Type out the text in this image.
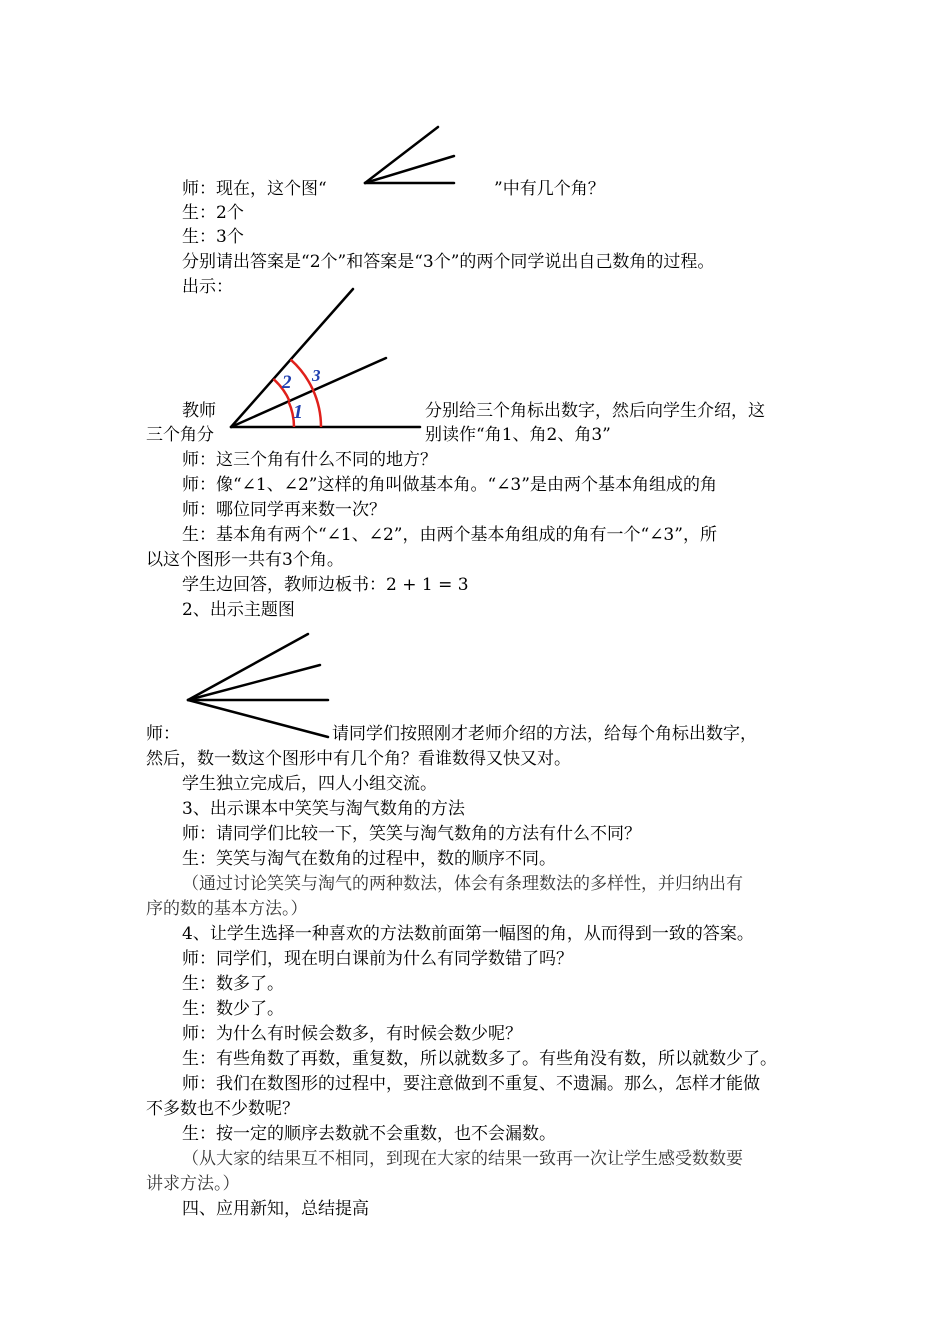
师：现在，这个图“	”中有几个角？
生：2个
生：3个
分别请出答案是“2个”和答案是“3个”的两个同学说出自己数角的过程。
出示：
2 3
1
教师	分别给三个角标出数字，然后向学生介绍，这
三个角分	别读作“角1、角2、角3”
师：这三个角有什么不同的地方？
师：像“∠1、∠2”这样的角叫做基本角。“∠3”是由两个基本角组成的角
师：哪位同学再来数一次？
生：基本角有两个“∠1、∠2”，由两个基本角组成的角有一个“∠3”，所
以这个图形一共有3个角。
学生边回答，教师边板书：2 + 1 = 3
2、出示主题图
师：	请同学们按照刚才老师介绍的方法，给每个角标出数字，
然后，数一数这个图形中有几个角？看谁数得又快又对。
学生独立完成后，四人小组交流。
3、出示课本中笑笑与淘气数角的方法
师：请同学们比较一下，笑笑与淘气数角的方法有什么不同？
生：笑笑与淘气在数角的过程中，数的顺序不同。
（通过讨论笑笑与淘气的两种数法，体会有条理数法的多样性，并归纳出有
序的数的基本方法。）
4、让学生选择一种喜欢的方法数前面第一幅图的角，从而得到一致的答案。
师：同学们，现在明白课前为什么有同学数错了吗？
生：数多了。
生：数少了。
师：为什么有时候会数多，有时候会数少呢？
生：有些角数了再数，重复数，所以就数多了。有些角没有数，所以就数少了。
师：我们在数图形的过程中，要注意做到不重复、不遗漏。那么，怎样才能做
不多数也不少数呢？
生：按一定的顺序去数就不会重数，也不会漏数。
（从大家的结果互不相同，到现在大家的结果一致再一次让学生感受数数要
讲求方法。）
四、应用新知，总结提高
